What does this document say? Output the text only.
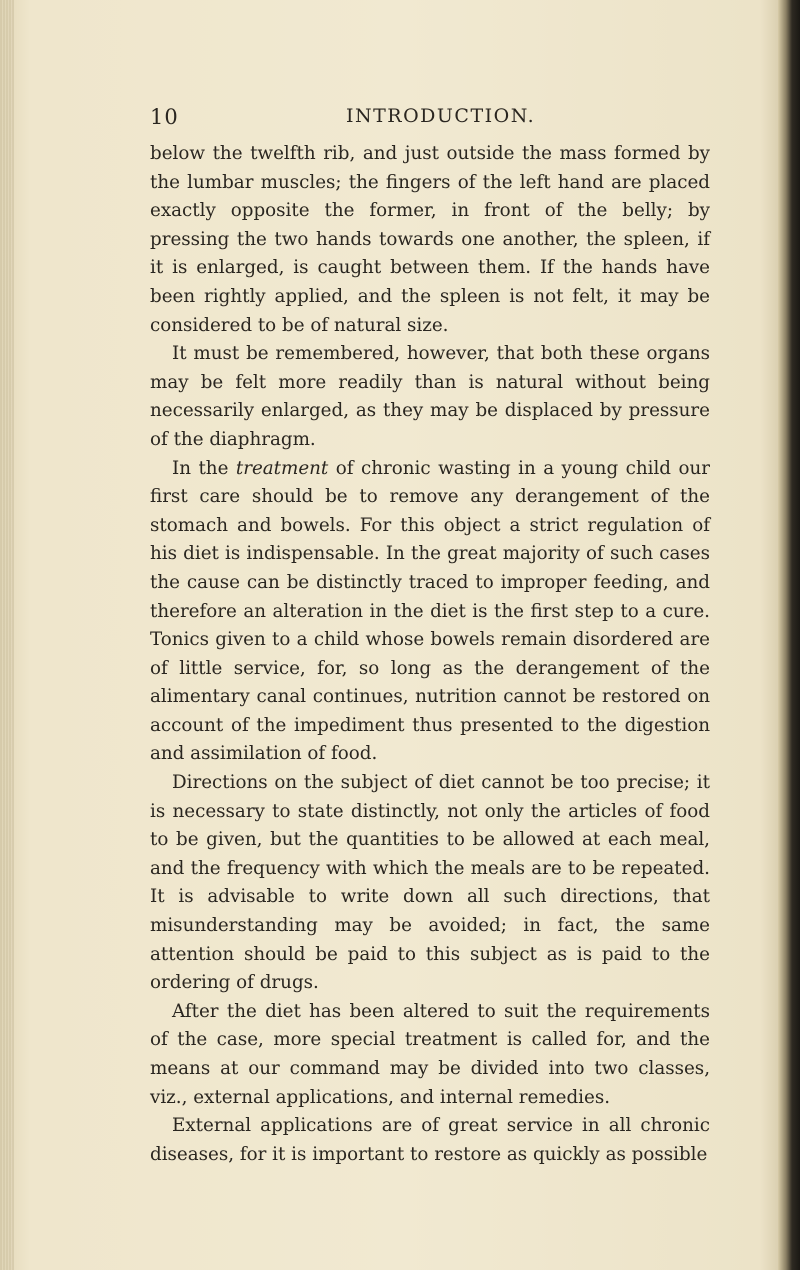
10	INTRODUCTION.

below the twelfth rib, and just outside the mass formed by the lumbar muscles; the fingers of the left hand are placed exactly opposite the former, in front of the belly; by pressing the two hands towards one another, the spleen, if it is enlarged, is caught between them. If the hands have been rightly applied, and the spleen is not felt, it may be considered to be of natural size.

It must be remembered, however, that both these organs may be felt more readily than is natural without being necessarily enlarged, as they may be displaced by pressure of the diaphragm.

In the treatment of chronic wasting in a young child our first care should be to remove any derangement of the stomach and bowels. For this object a strict regulation of his diet is indispensable. In the great majority of such cases the cause can be distinctly traced to improper feeding, and therefore an alteration in the diet is the first step to a cure. Tonics given to a child whose bowels remain disordered are of little service, for, so long as the derangement of the alimentary canal continues, nutrition cannot be restored on account of the impediment thus presented to the digestion and assimilation of food.

Directions on the subject of diet cannot be too precise; it is necessary to state distinctly, not only the articles of food to be given, but the quantities to be allowed at each meal, and the frequency with which the meals are to be repeated. It is advisable to write down all such directions, that misunderstanding may be avoided; in fact, the same attention should be paid to this subject as is paid to the ordering of drugs.

After the diet has been altered to suit the requirements of the case, more special treatment is called for, and the means at our command may be divided into two classes, viz., external applications, and internal remedies.

External applications are of great service in all chronic diseases, for it is important to restore as quickly as possible
